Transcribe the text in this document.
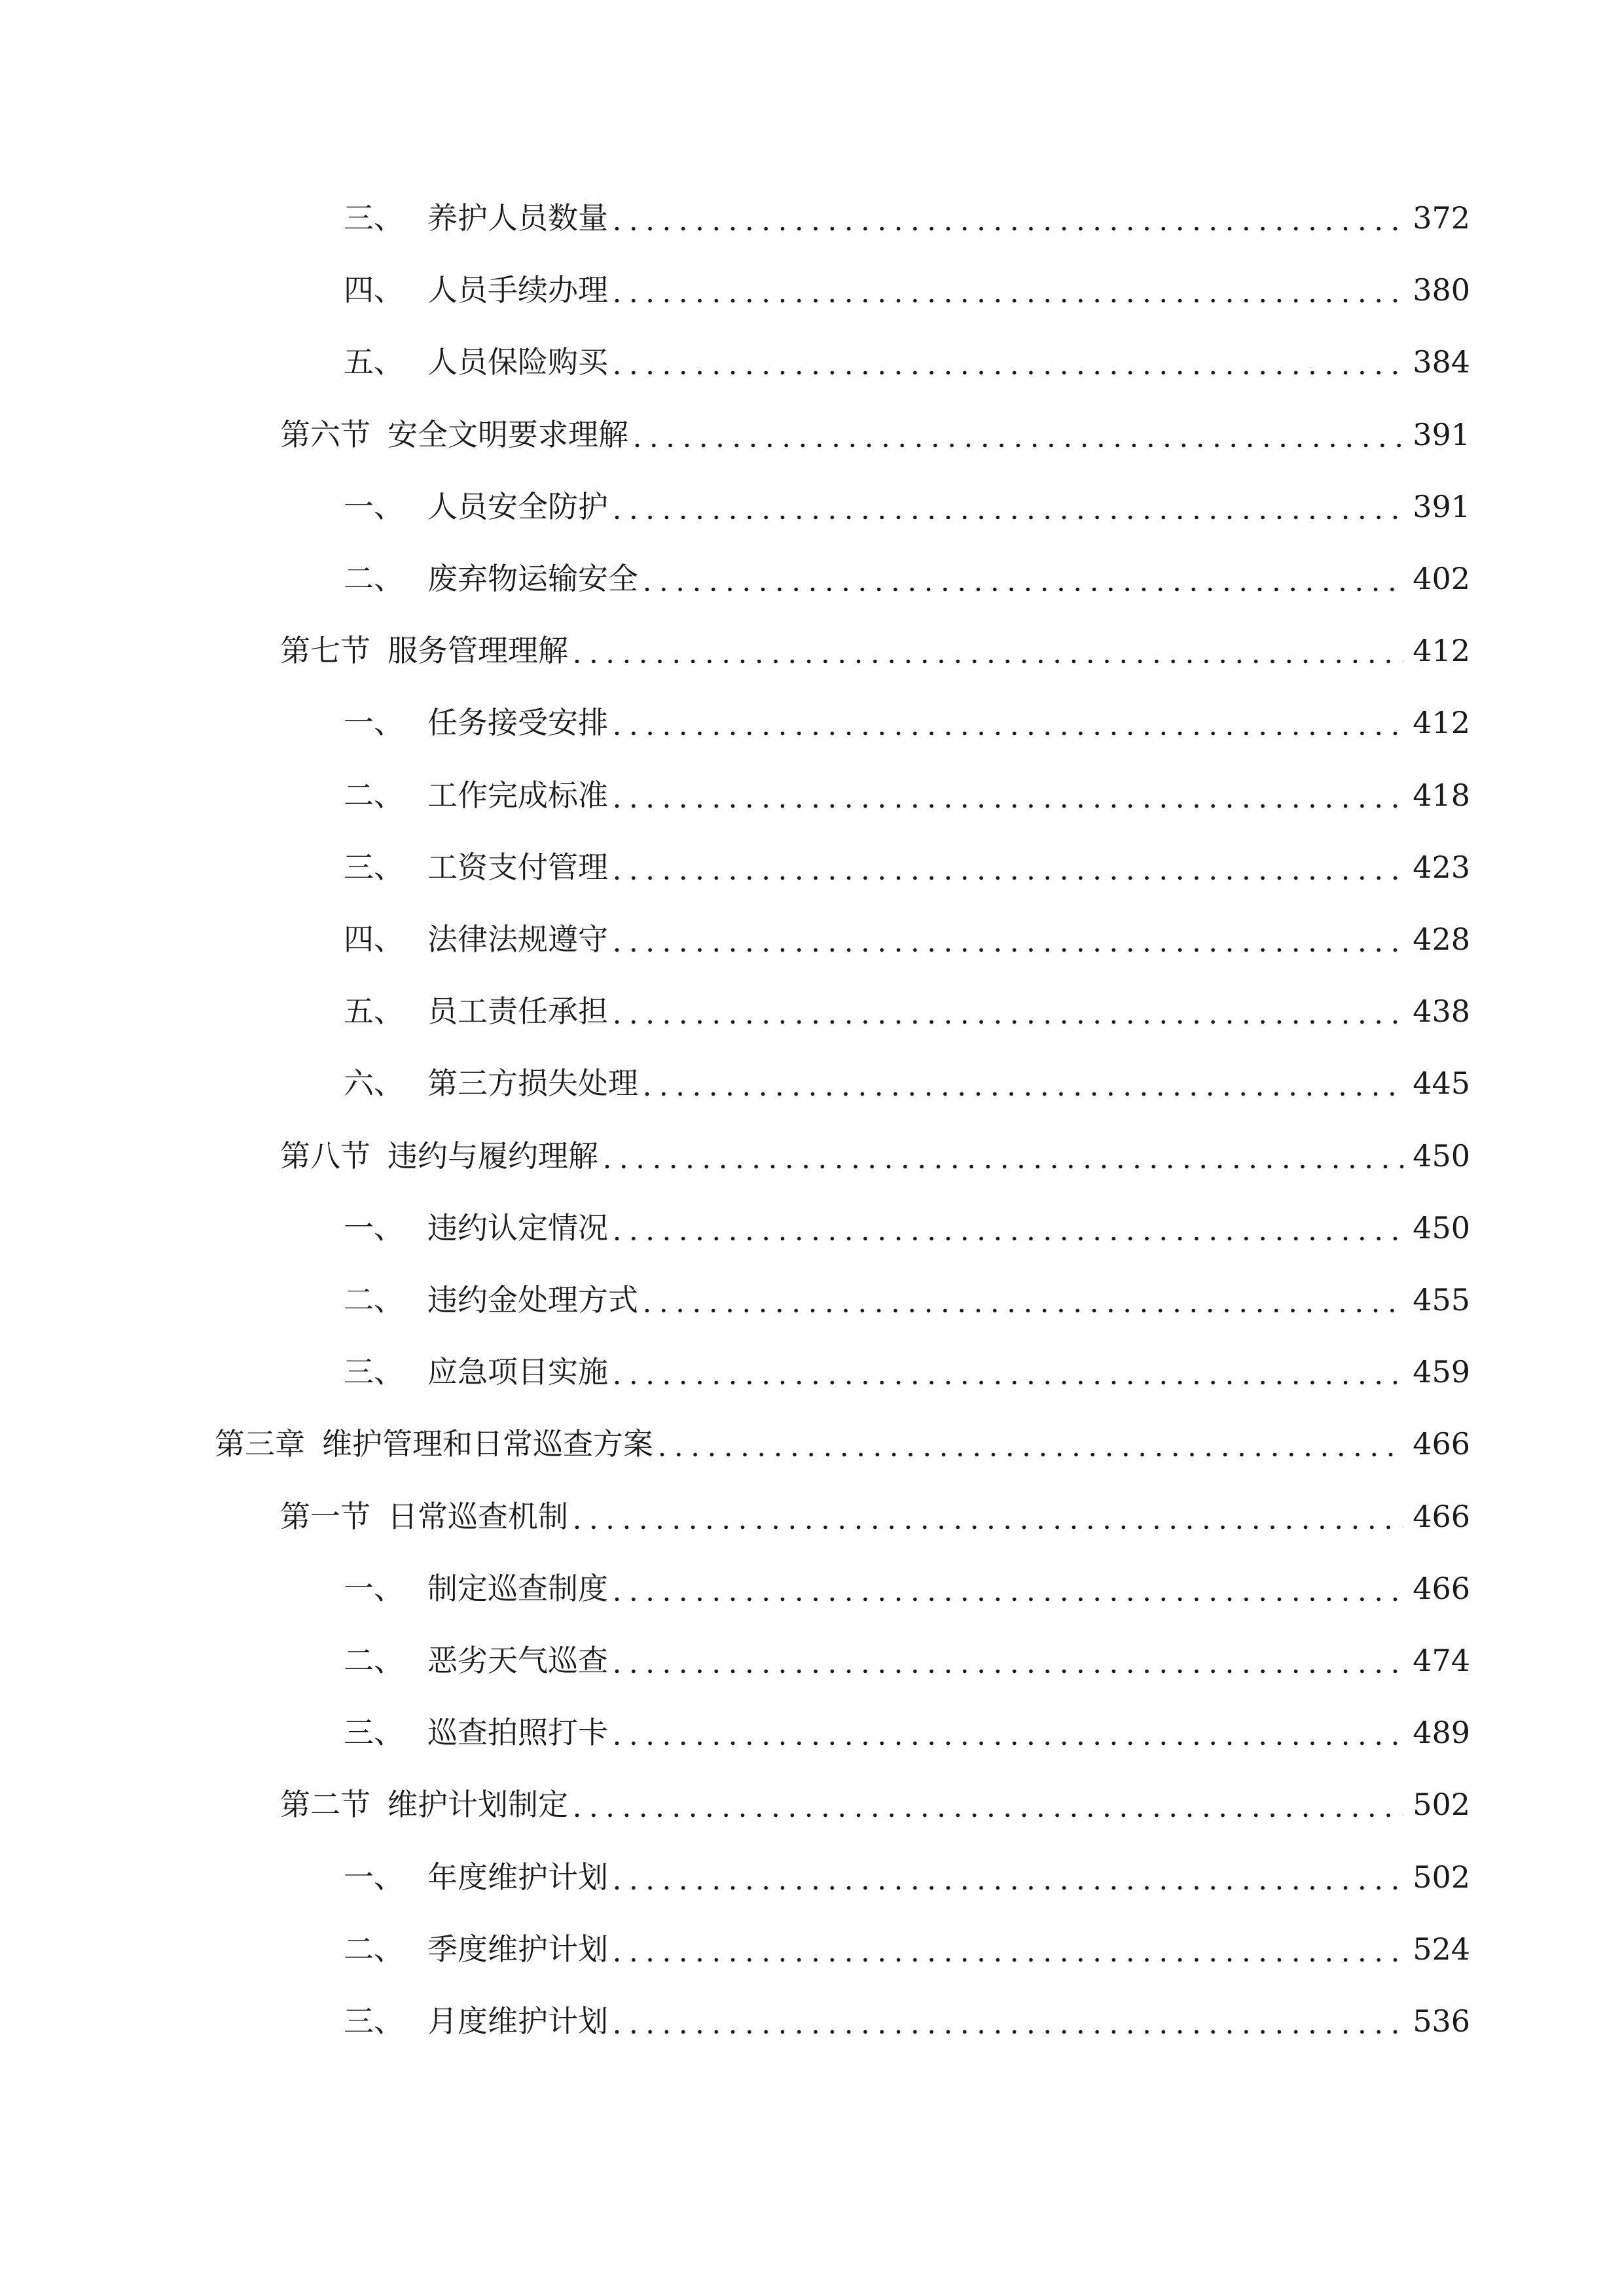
三、 养护人员数量	372
四、 人员手续办理	380
五、 人员保险购买	384
第六节 安全文明要求理解	391
一、 人员安全防护	391
二、 废弃物运输安全	402
第七节 服务管理理解	412
一、 任务接受安排	412
二、 工作完成标准	418
三、 工资支付管理	423
四、 法律法规遵守	428
五、 员工责任承担	438
六、 第三方损失处理	445
第八节 违约与履约理解	450
一、 违约认定情况	450
二、 违约金处理方式	455
三、 应急项目实施	459
第三章 维护管理和日常巡查方案	466
第一节 日常巡查机制	466
一、 制定巡查制度	466
二、 恶劣天气巡查	474
三、 巡查拍照打卡	489
第二节 维护计划制定	502
一、 年度维护计划	502
二、 季度维护计划	524
三、 月度维护计划	536
